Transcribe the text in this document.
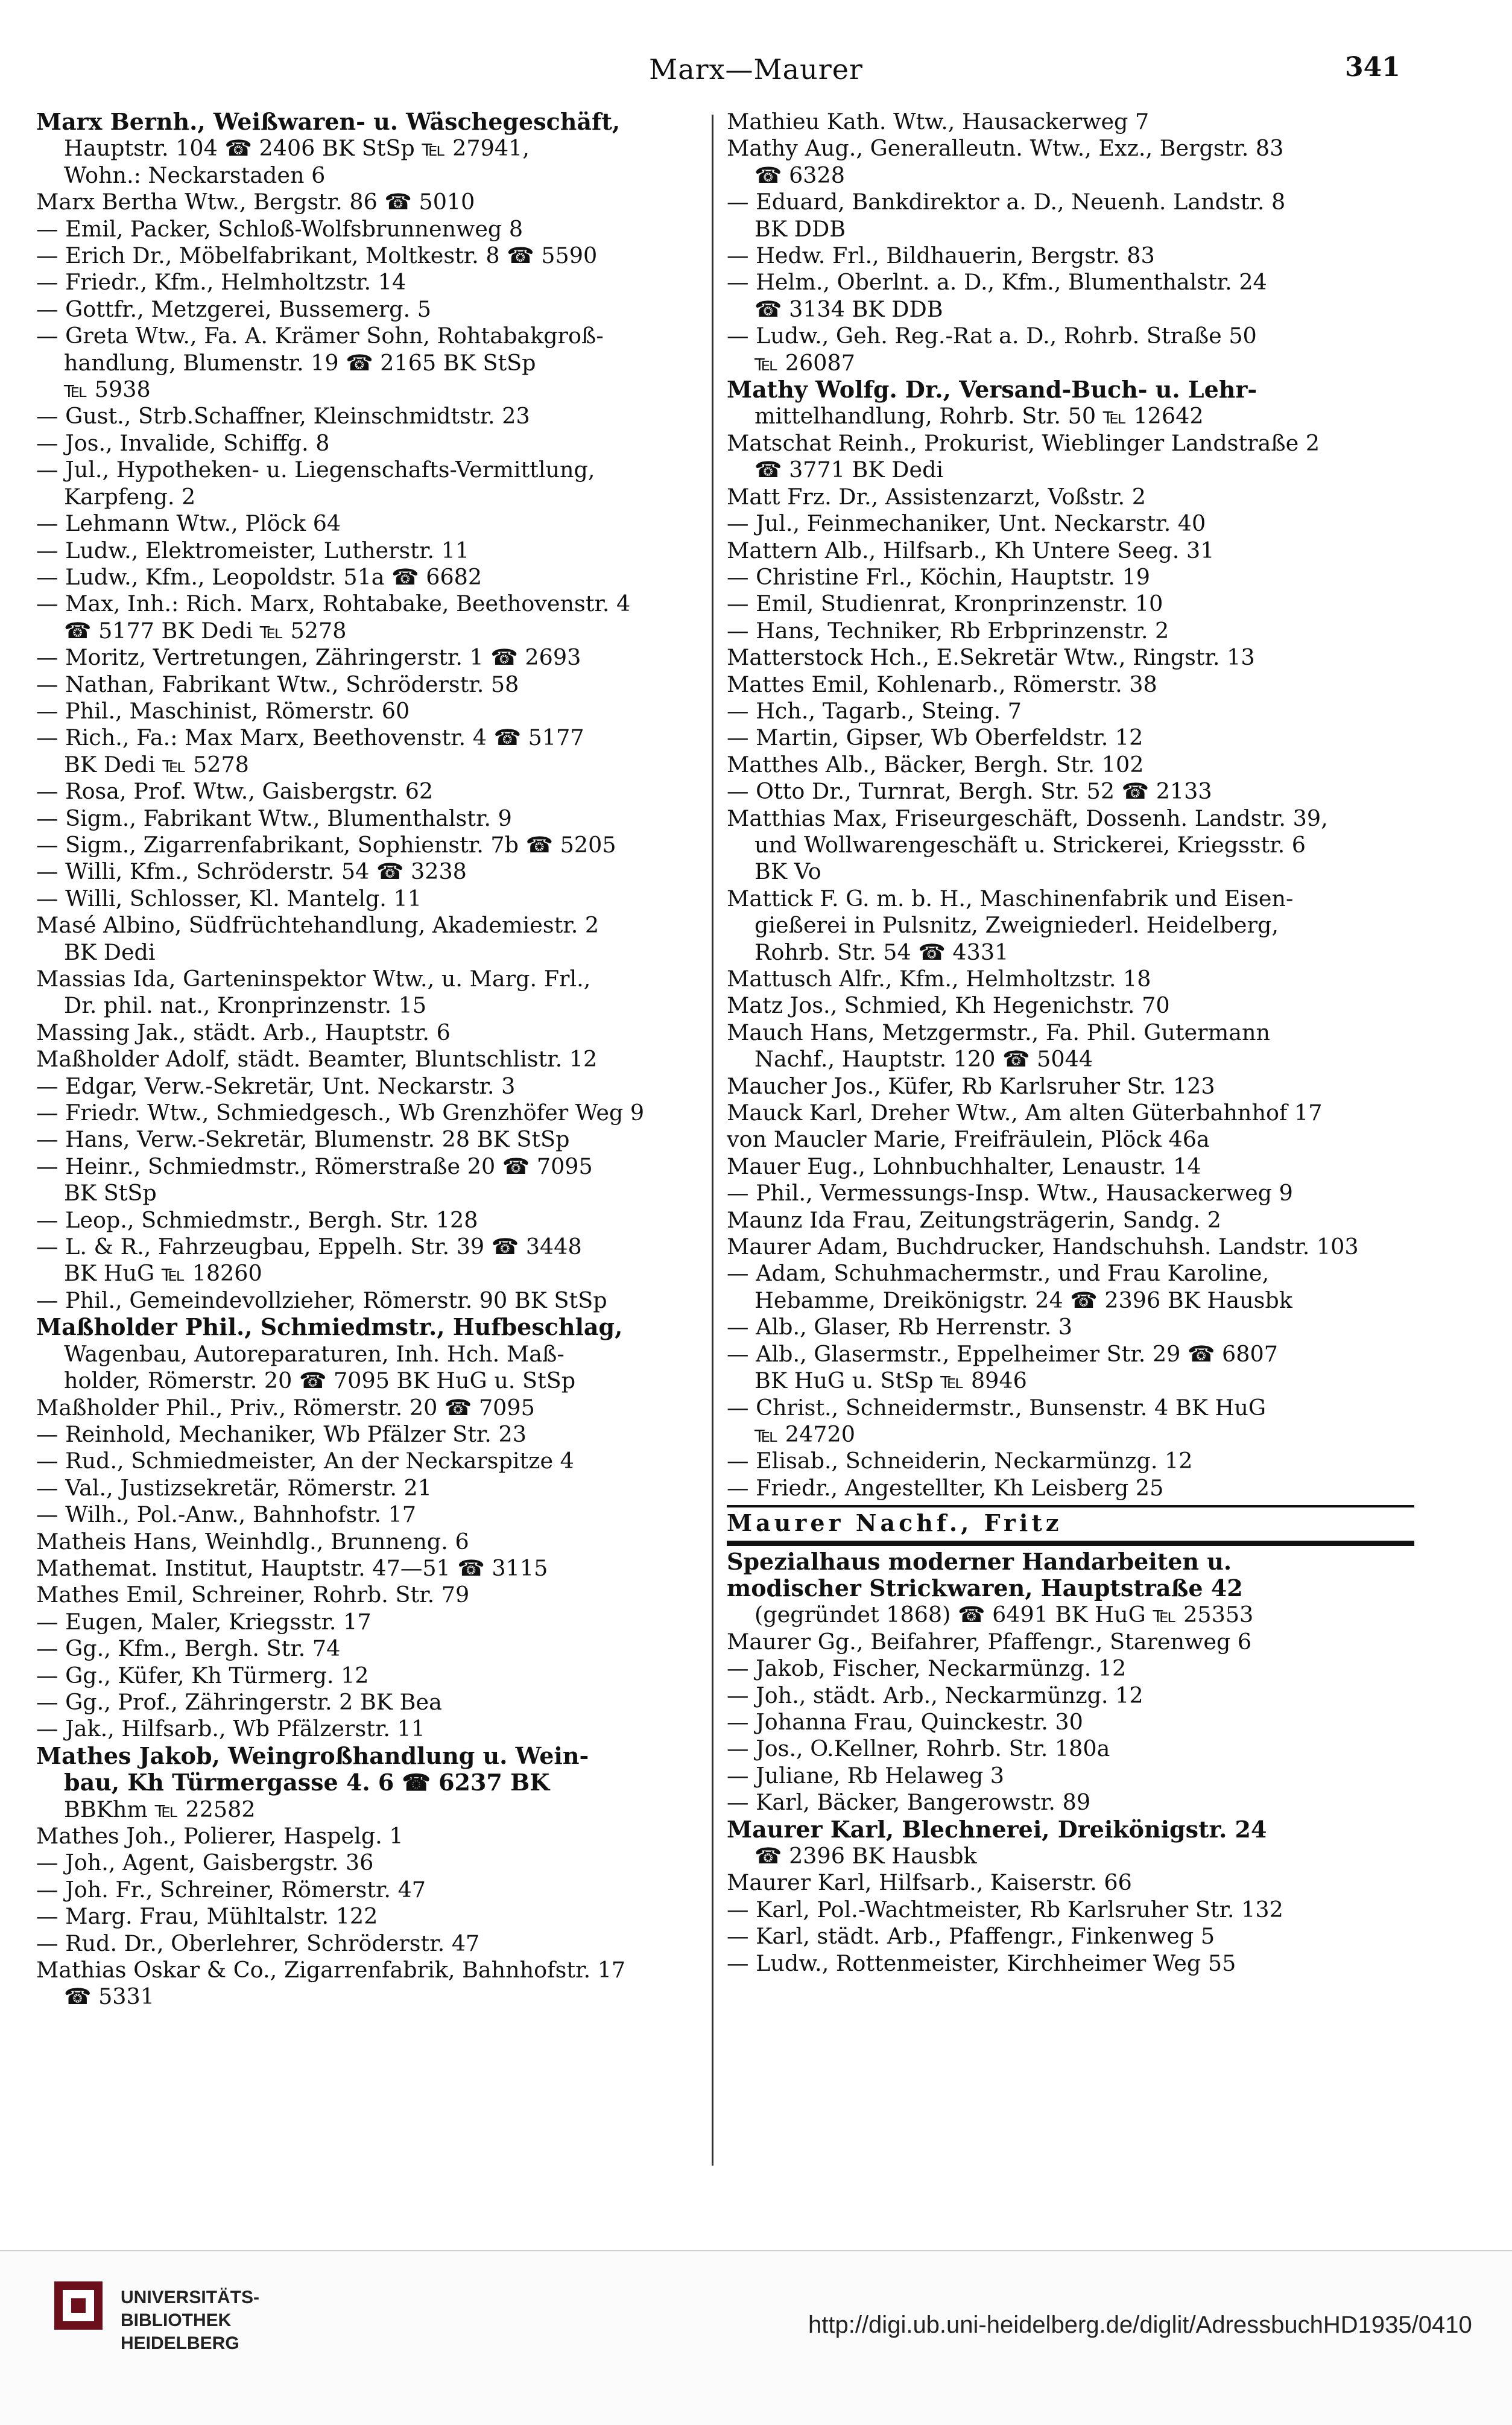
Marx—Maurer	341
Marx Bernh., Weißwaren- u. Wäschegeschäft,
Hauptstr. 104 ☎ 2406 BK StSp ℡ 27941,
Wohn.: Neckarstaden 6
Marx Bertha Wtw., Bergstr. 86 ☎ 5010
— Emil, Packer, Schloß-Wolfsbrunnenweg 8
— Erich Dr., Möbelfabrikant, Moltkestr. 8 ☎ 5590
— Friedr., Kfm., Helmholtzstr. 14
— Gottfr., Metzgerei, Bussemerg. 5
— Greta Wtw., Fa. A. Krämer Sohn, Rohtabakgroß-
handlung, Blumenstr. 19 ☎ 2165 BK StSp
℡ 5938
— Gust., Strb.Schaffner, Kleinschmidtstr. 23
— Jos., Invalide, Schiffg. 8
— Jul., Hypotheken- u. Liegenschafts-Vermittlung,
Karpfeng. 2
— Lehmann Wtw., Plöck 64
— Ludw., Elektromeister, Lutherstr. 11
— Ludw., Kfm., Leopoldstr. 51a ☎ 6682
— Max, Inh.: Rich. Marx, Rohtabake, Beethovenstr. 4
☎ 5177 BK Dedi ℡ 5278
— Moritz, Vertretungen, Zähringerstr. 1 ☎ 2693
— Nathan, Fabrikant Wtw., Schröderstr. 58
— Phil., Maschinist, Römerstr. 60
— Rich., Fa.: Max Marx, Beethovenstr. 4 ☎ 5177
BK Dedi ℡ 5278
— Rosa, Prof. Wtw., Gaisbergstr. 62
— Sigm., Fabrikant Wtw., Blumenthalstr. 9
— Sigm., Zigarrenfabrikant, Sophienstr. 7b ☎ 5205
— Willi, Kfm., Schröderstr. 54 ☎ 3238
— Willi, Schlosser, Kl. Mantelg. 11
Masé Albino, Südfrüchtehandlung, Akademiestr. 2
BK Dedi
Massias Ida, Garteninspektor Wtw., u. Marg. Frl.,
Dr. phil. nat., Kronprinzenstr. 15
Massing Jak., städt. Arb., Hauptstr. 6
Maßholder Adolf, städt. Beamter, Bluntschlistr. 12
— Edgar, Verw.-Sekretär, Unt. Neckarstr. 3
— Friedr. Wtw., Schmiedgesch., Wb Grenzhöfer Weg 9
— Hans, Verw.-Sekretär, Blumenstr. 28 BK StSp
— Heinr., Schmiedmstr., Römerstraße 20 ☎ 7095
BK StSp
— Leop., Schmiedmstr., Bergh. Str. 128
— L. & R., Fahrzeugbau, Eppelh. Str. 39 ☎ 3448
BK HuG ℡ 18260
— Phil., Gemeindevollzieher, Römerstr. 90 BK StSp
Maßholder Phil., Schmiedmstr., Hufbeschlag,
Wagenbau, Autoreparaturen, Inh. Hch. Maß-
holder, Römerstr. 20 ☎ 7095 BK HuG u. StSp
Maßholder Phil., Priv., Römerstr. 20 ☎ 7095
— Reinhold, Mechaniker, Wb Pfälzer Str. 23
— Rud., Schmiedmeister, An der Neckarspitze 4
— Val., Justizsekretär, Römerstr. 21
— Wilh., Pol.-Anw., Bahnhofstr. 17
Matheis Hans, Weinhdlg., Brunneng. 6
Mathemat. Institut, Hauptstr. 47—51 ☎ 3115
Mathes Emil, Schreiner, Rohrb. Str. 79
— Eugen, Maler, Kriegsstr. 17
— Gg., Kfm., Bergh. Str. 74
— Gg., Küfer, Kh Türmerg. 12
— Gg., Prof., Zähringerstr. 2 BK Bea
— Jak., Hilfsarb., Wb Pfälzerstr. 11
Mathes Jakob, Weingroßhandlung u. Wein-
bau, Kh Türmergasse 4. 6 ☎ 6237 BK
BBKhm ℡ 22582
Mathes Joh., Polierer, Haspelg. 1
— Joh., Agent, Gaisbergstr. 36
— Joh. Fr., Schreiner, Römerstr. 47
— Marg. Frau, Mühltalstr. 122
— Rud. Dr., Oberlehrer, Schröderstr. 47
Mathias Oskar & Co., Zigarrenfabrik, Bahnhofstr. 17
☎ 5331
Mathieu Kath. Wtw., Hausackerweg 7
Mathy Aug., Generalleutn. Wtw., Exz., Bergstr. 83
☎ 6328
— Eduard, Bankdirektor a. D., Neuenh. Landstr. 8
BK DDB
— Hedw. Frl., Bildhauerin, Bergstr. 83
— Helm., Oberlnt. a. D., Kfm., Blumenthalstr. 24
☎ 3134 BK DDB
— Ludw., Geh. Reg.-Rat a. D., Rohrb. Straße 50
℡ 26087
Mathy Wolfg. Dr., Versand-Buch- u. Lehr-
mittelhandlung, Rohrb. Str. 50 ℡ 12642
Matschat Reinh., Prokurist, Wieblinger Landstraße 2
☎ 3771 BK Dedi
Matt Frz. Dr., Assistenzarzt, Voßstr. 2
— Jul., Feinmechaniker, Unt. Neckarstr. 40
Mattern Alb., Hilfsarb., Kh Untere Seeg. 31
— Christine Frl., Köchin, Hauptstr. 19
— Emil, Studienrat, Kronprinzenstr. 10
— Hans, Techniker, Rb Erbprinzenstr. 2
Matterstock Hch., E.Sekretär Wtw., Ringstr. 13
Mattes Emil, Kohlenarb., Römerstr. 38
— Hch., Tagarb., Steing. 7
— Martin, Gipser, Wb Oberfeldstr. 12
Matthes Alb., Bäcker, Bergh. Str. 102
— Otto Dr., Turnrat, Bergh. Str. 52 ☎ 2133
Matthias Max, Friseurgeschäft, Dossenh. Landstr. 39,
und Wollwarengeschäft u. Strickerei, Kriegsstr. 6
BK Vo
Mattick F. G. m. b. H., Maschinenfabrik und Eisen-
gießerei in Pulsnitz, Zweigniederl. Heidelberg,
Rohrb. Str. 54 ☎ 4331
Mattusch Alfr., Kfm., Helmholtzstr. 18
Matz Jos., Schmied, Kh Hegenichstr. 70
Mauch Hans, Metzgermstr., Fa. Phil. Gutermann
Nachf., Hauptstr. 120 ☎ 5044
Maucher Jos., Küfer, Rb Karlsruher Str. 123
Mauck Karl, Dreher Wtw., Am alten Güterbahnhof 17
von Maucler Marie, Freifräulein, Plöck 46a
Mauer Eug., Lohnbuchhalter, Lenaustr. 14
— Phil., Vermessungs-Insp. Wtw., Hausackerweg 9
Maunz Ida Frau, Zeitungsträgerin, Sandg. 2
Maurer Adam, Buchdrucker, Handschuhsh. Landstr. 103
— Adam, Schuhmachermstr., und Frau Karoline,
Hebamme, Dreikönigstr. 24 ☎ 2396 BK Hausbk
— Alb., Glaser, Rb Herrenstr. 3
— Alb., Glasermstr., Eppelheimer Str. 29 ☎ 6807
BK HuG u. StSp ℡ 8946
— Christ., Schneidermstr., Bunsenstr. 4 BK HuG
℡ 24720
— Elisab., Schneiderin, Neckarmünzg. 12
— Friedr., Angestellter, Kh Leisberg 25
Maurer Nachf., Fritz
Spezialhaus moderner Handarbeiten u.
modischer Strickwaren, Hauptstraße 42
(gegründet 1868) ☎ 6491 BK HuG ℡ 25353
Maurer Gg., Beifahrer, Pfaffengr., Starenweg 6
— Jakob, Fischer, Neckarmünzg. 12
— Joh., städt. Arb., Neckarmünzg. 12
— Johanna Frau, Quinckestr. 30
— Jos., O.Kellner, Rohrb. Str. 180a
— Juliane, Rb Helaweg 3
— Karl, Bäcker, Bangerowstr. 89
Maurer Karl, Blechnerei, Dreikönigstr. 24
☎ 2396 BK Hausbk
Maurer Karl, Hilfsarb., Kaiserstr. 66
— Karl, Pol.-Wachtmeister, Rb Karlsruher Str. 132
— Karl, städt. Arb., Pfaffengr., Finkenweg 5
— Ludw., Rottenmeister, Kirchheimer Weg 55
UNIVERSITÄTS-
BIBLIOTHEK
HEIDELBERG
http://digi.ub.uni-heidelberg.de/diglit/AdressbuchHD1935/0410
